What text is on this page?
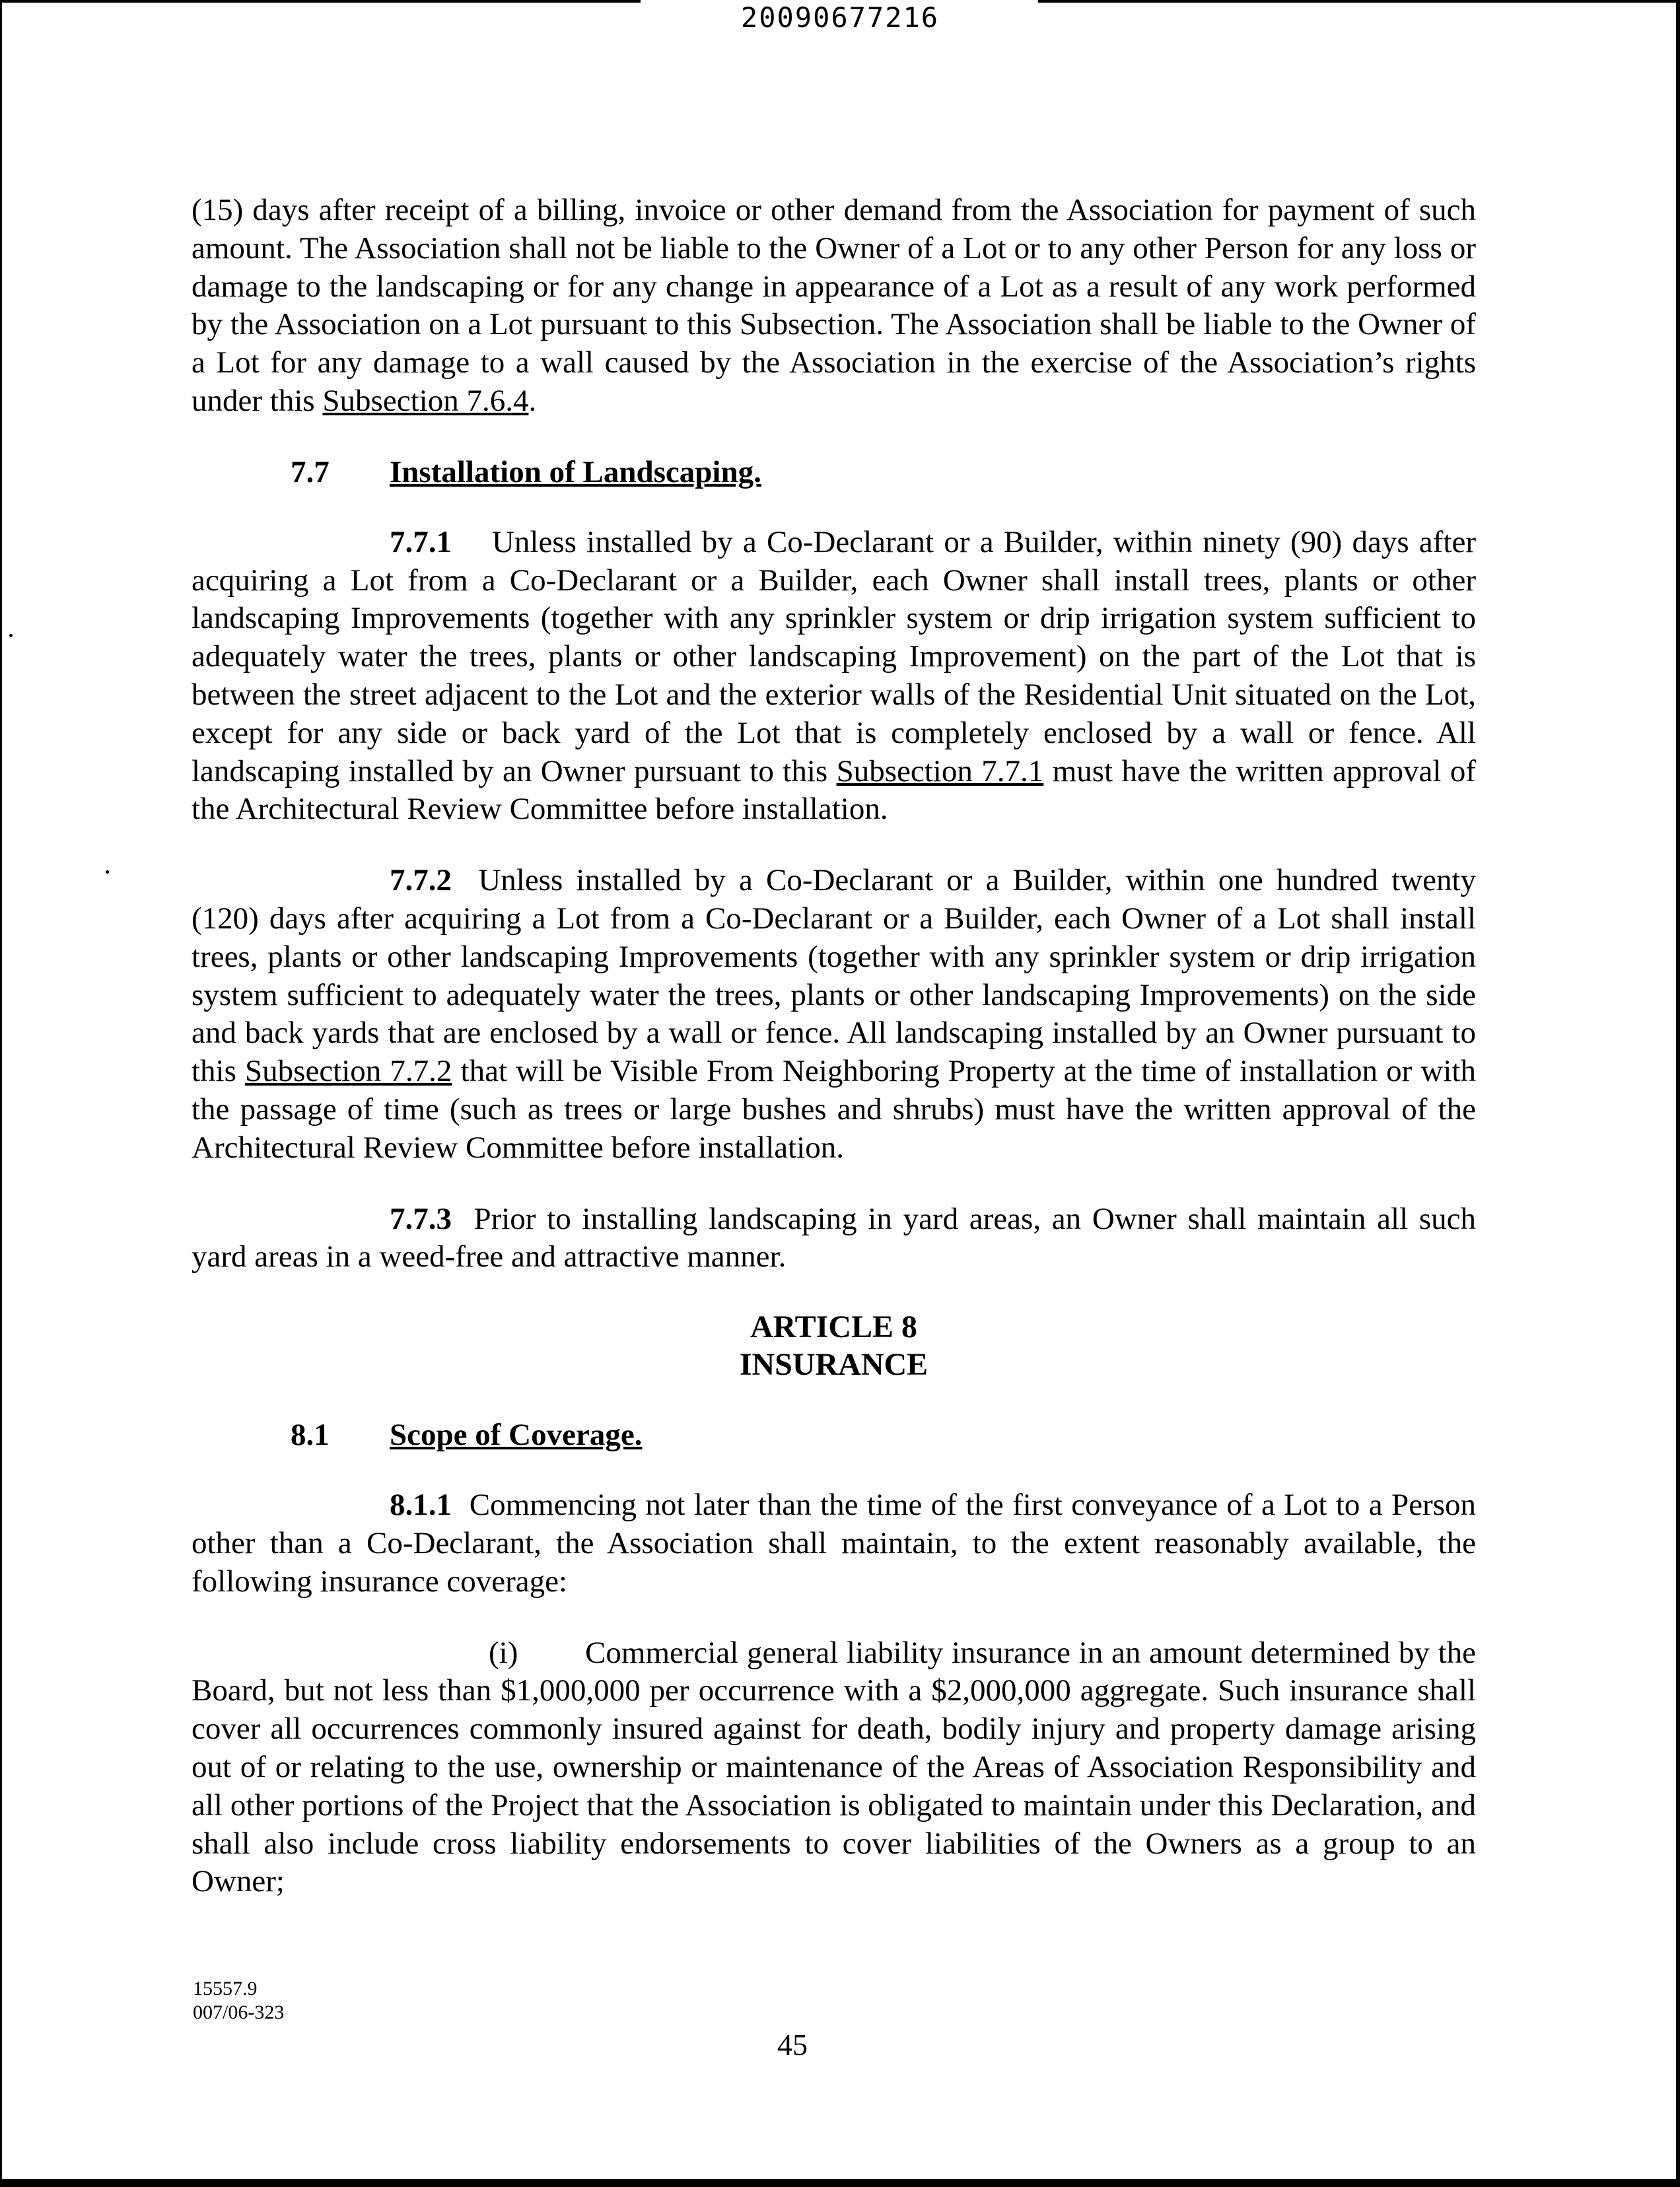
20090677216

(15) days after receipt of a billing, invoice or other demand from the Association for payment of such amount. The Association shall not be liable to the Owner of a Lot or to any other Person for any loss or damage to the landscaping or for any change in appearance of a Lot as a result of any work performed by the Association on a Lot pursuant to this Subsection. The Association shall be liable to the Owner of a Lot for any damage to a wall caused by the Association in the exercise of the Association’s rights under this Subsection 7.6.4.

7.7 Installation of Landscaping.

7.7.1 Unless installed by a Co-Declarant or a Builder, within ninety (90) days after acquiring a Lot from a Co-Declarant or a Builder, each Owner shall install trees, plants or other landscaping Improvements (together with any sprinkler system or drip irrigation system sufficient to adequately water the trees, plants or other landscaping Improvement) on the part of the Lot that is between the street adjacent to the Lot and the exterior walls of the Residential Unit situated on the Lot, except for any side or back yard of the Lot that is completely enclosed by a wall or fence. All landscaping installed by an Owner pursuant to this Subsection 7.7.1 must have the written approval of the Architectural Review Committee before installation.

7.7.2 Unless installed by a Co-Declarant or a Builder, within one hundred twenty (120) days after acquiring a Lot from a Co-Declarant or a Builder, each Owner of a Lot shall install trees, plants or other landscaping Improvements (together with any sprinkler system or drip irrigation system sufficient to adequately water the trees, plants or other landscaping Improvements) on the side and back yards that are enclosed by a wall or fence. All landscaping installed by an Owner pursuant to this Subsection 7.7.2 that will be Visible From Neighboring Property at the time of installation or with the passage of time (such as trees or large bushes and shrubs) must have the written approval of the Architectural Review Committee before installation.

7.7.3 Prior to installing landscaping in yard areas, an Owner shall maintain all such yard areas in a weed-free and attractive manner.

ARTICLE 8

INSURANCE

8.1 Scope of Coverage.

8.1.1 Commencing not later than the time of the first conveyance of a Lot to a Person other than a Co-Declarant, the Association shall maintain, to the extent reasonably available, the following insurance coverage:

(i) Commercial general liability insurance in an amount determined by the Board, but not less than $1,000,000 per occurrence with a $2,000,000 aggregate. Such insurance shall cover all occurrences commonly insured against for death, bodily injury and property damage arising out of or relating to the use, ownership or maintenance of the Areas of Association Responsibility and all other portions of the Project that the Association is obligated to maintain under this Declaration, and shall also include cross liability endorsements to cover liabilities of the Owners as a group to an Owner;

15557.9
007/06-323
45
